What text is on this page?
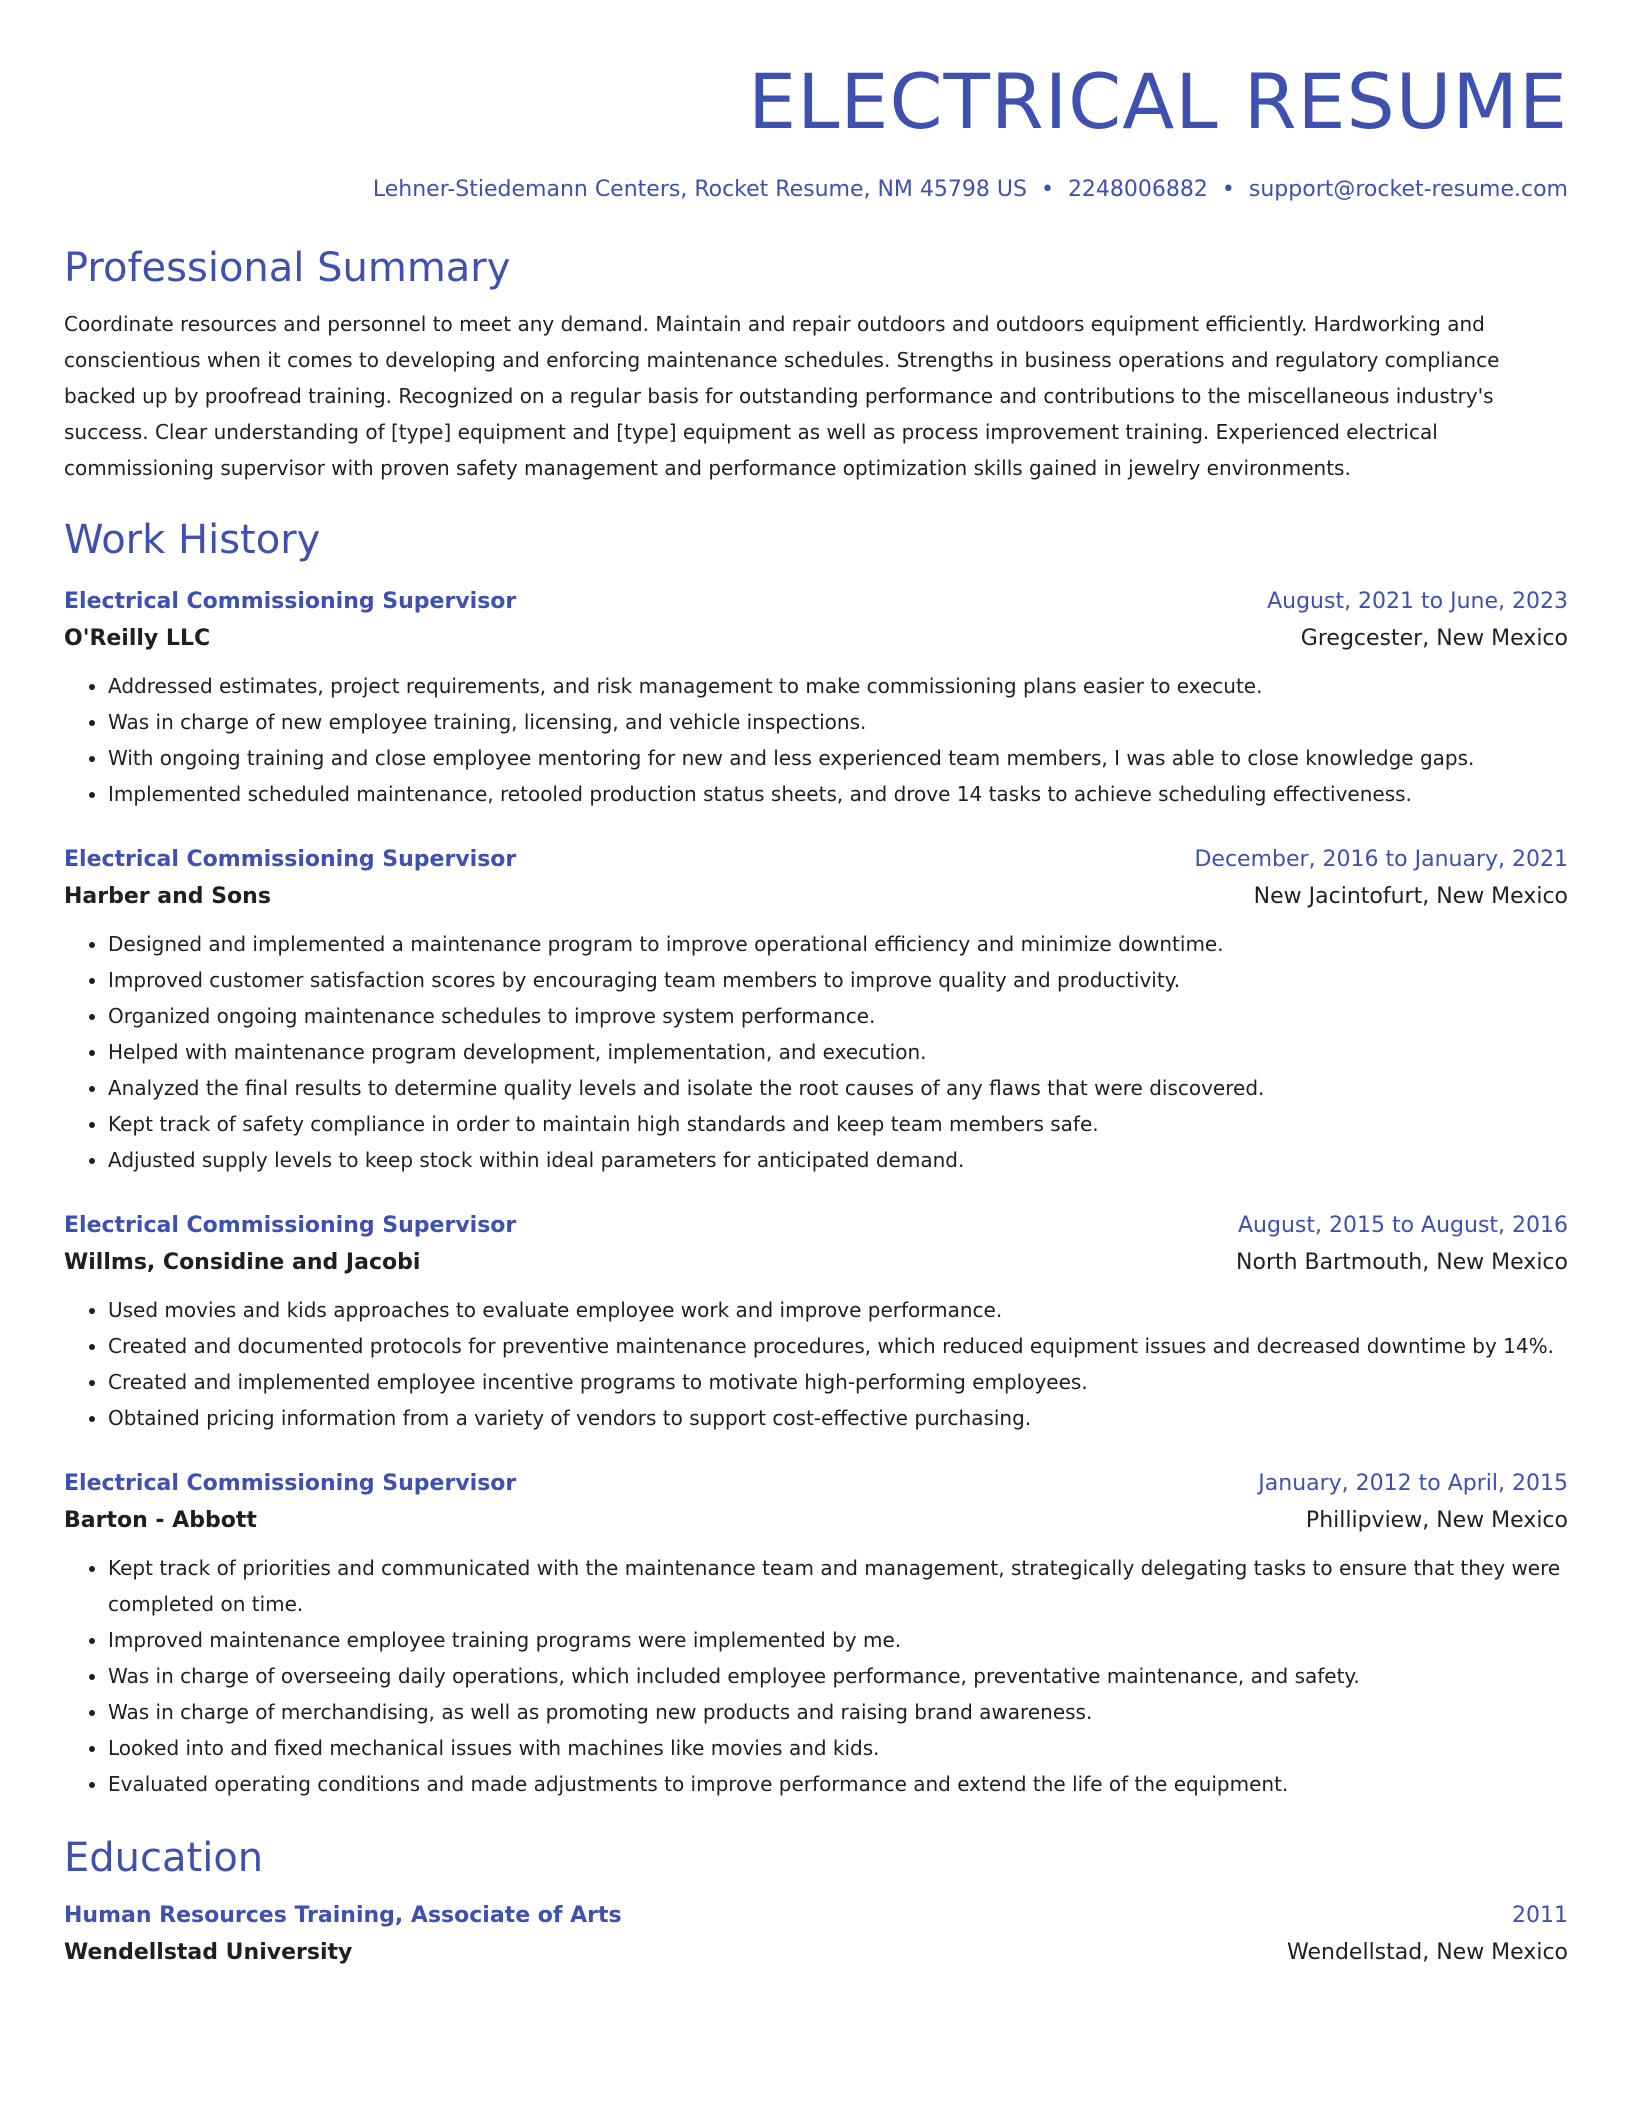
ELECTRICAL RESUME
Lehner-Stiedemann Centers, Rocket Resume, NM 45798 US • 2248006882 • support@rocket-resume.com
Professional Summary

Coordinate resources and personnel to meet any demand. Maintain and repair outdoors and outdoors equipment efficiently. Hardworking and conscientious when it comes to developing and enforcing maintenance schedules. Strengths in business operations and regulatory compliance backed up by proofread training. Recognized on a regular basis for outstanding performance and contributions to the miscellaneous industry's success. Clear understanding of [type] equipment and [type] equipment as well as process improvement training. Experienced electrical commissioning supervisor with proven safety management and performance optimization skills gained in jewelry environments.

Work History
Electrical Commissioning Supervisor	August, 2021 to June, 2023
O'Reilly LLC	Gregcester, New Mexico
• Addressed estimates, project requirements, and risk management to make commissioning plans easier to execute.
• Was in charge of new employee training, licensing, and vehicle inspections.
• With ongoing training and close employee mentoring for new and less experienced team members, I was able to close knowledge gaps.
• Implemented scheduled maintenance, retooled production status sheets, and drove 14 tasks to achieve scheduling effectiveness.
Electrical Commissioning Supervisor	December, 2016 to January, 2021
Harber and Sons	New Jacintofurt, New Mexico
• Designed and implemented a maintenance program to improve operational efficiency and minimize downtime.
• Improved customer satisfaction scores by encouraging team members to improve quality and productivity.
• Organized ongoing maintenance schedules to improve system performance.
• Helped with maintenance program development, implementation, and execution.
• Analyzed the final results to determine quality levels and isolate the root causes of any flaws that were discovered.
• Kept track of safety compliance in order to maintain high standards and keep team members safe.
• Adjusted supply levels to keep stock within ideal parameters for anticipated demand.
Electrical Commissioning Supervisor	August, 2015 to August, 2016
Willms, Considine and Jacobi	North Bartmouth, New Mexico
• Used movies and kids approaches to evaluate employee work and improve performance.
• Created and documented protocols for preventive maintenance procedures, which reduced equipment issues and decreased downtime by 14%.
• Created and implemented employee incentive programs to motivate high-performing employees.
• Obtained pricing information from a variety of vendors to support cost-effective purchasing.
Electrical Commissioning Supervisor	January, 2012 to April, 2015
Barton - Abbott	Phillipview, New Mexico
• Kept track of priorities and communicated with the maintenance team and management, strategically delegating tasks to ensure that they were completed on time.
• Improved maintenance employee training programs were implemented by me.
• Was in charge of overseeing daily operations, which included employee performance, preventative maintenance, and safety.
• Was in charge of merchandising, as well as promoting new products and raising brand awareness.
• Looked into and fixed mechanical issues with machines like movies and kids.
• Evaluated operating conditions and made adjustments to improve performance and extend the life of the equipment.
Education
Human Resources Training, Associate of Arts	2011
Wendellstad University	Wendellstad, New Mexico
